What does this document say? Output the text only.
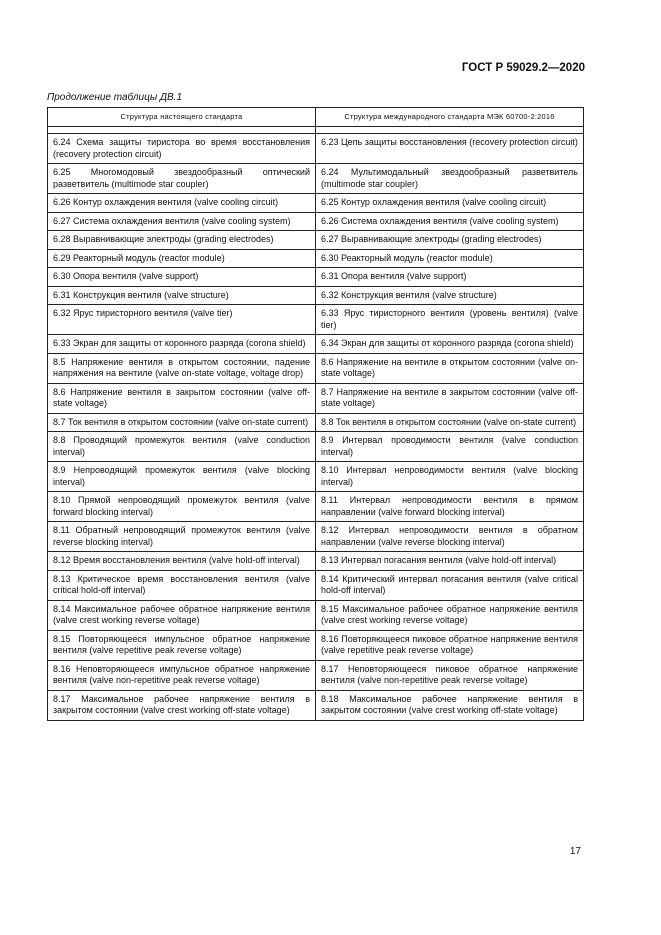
ГОСТ Р 59029.2—2020
Продолжение таблицы ДВ.1
Структура настоящего стандарта	Структура международного стандарта МЭК 60700-2:2016

6.24 Схема защиты тиристора во время восстановления (recovery protection circuit)	6.23 Цепь защиты восстановления (recovery protection circuit)
6.25 Многомодовый звездообразный оптический разветвитель (multimode star coupler)	6.24 Мультимодальный звездообразный разветвитель (multimode star coupler)
6.26 Контур охлаждения вентиля (valve cooling circuit)	6.25 Контур охлаждения вентиля (valve cooling circuit)
6.27 Система охлаждения вентиля (valve cooling system)	6.26 Система охлаждения вентиля (valve cooling system)
6.28 Выравнивающие электроды (grading electrodes)	6.27 Выравнивающие электроды (grading electrodes)
6.29 Реакторный модуль (reactor module)	6.30 Реакторный модуль (reactor module)
6.30 Опора вентиля (valve support)	6.31 Опора вентиля (valve support)
6.31 Конструкция вентиля (valve structure)	6.32 Конструкция вентиля (valve structure)
6.32 Ярус тиристорного вентиля (valve tier)	6.33 Ярус тиристорного вентиля (уровень вентиля) (valve tier)
6.33 Экран для защиты от коронного разряда (corona shield)	6.34 Экран для защиты от коронного разряда (corona shield)
8.5 Напряжение вентиля в открытом состоянии, падение напряжения на вентиле (valve on-state voltage, voltage drop)	8.6 Напряжение на вентиле в открытом состоянии (valve on-state voltage)
8.6 Напряжение вентиля в закрытом состоянии (valve off-state voltage)	8.7 Напряжение на вентиле в закрытом состоянии (valve off-state voltage)
8.7 Ток вентиля в открытом состоянии (valve on-state current)	8.8 Ток вентиля в открытом состоянии (valve on-state current)
8.8 Проводящий промежуток вентиля (valve conduction interval)	8.9 Интервал проводимости вентиля (valve conduction interval)
8.9 Непроводящий промежуток вентиля (valve blocking interval)	8.10 Интервал непроводимости вентиля (valve blocking interval)
8.10 Прямой непроводящий промежуток вентиля (valve forward blocking interval)	8.11 Интервал непроводимости вентиля в прямом направлении (valve forward blocking interval)
8.11 Обратный непроводящий промежуток вентиля (valve reverse blocking interval)	8.12 Интервал непроводимости вентиля в обратном направлении (valve reverse blocking interval)
8.12 Время восстановления вентиля (valve hold-off interval)	8.13 Интервал погасания вентиля (valve hold-off interval)
8.13 Критическое время восстановления вентиля (valve critical hold-off interval)	8.14 Критический интервал погасания вентиля (valve critical hold-off interval)
8.14 Максимальное рабочее обратное напряжение вентиля (valve crest working reverse voltage)	8.15 Максимальное рабочее обратное напряжение вентиля (valve crest working reverse voltage)
8.15 Повторяющееся импульсное обратное напряжение вентиля (valve repetitive peak reverse voltage)	8.16 Повторяющееся пиковое обратное напряжение вентиля (valve repetitive peak reverse voltage)
8.16 Неповторяющееся импульсное обратное напряжение вентиля (valve non-repetitive peak reverse voltage)	8.17 Неповторяющееся пиковое обратное напряжение вентиля (valve non-repetitive peak reverse voltage)
8.17 Максимальное рабочее напряжение вентиля в закрытом состоянии (valve crest working off-state voltage)	8.18 Максимальное рабочее напряжение вентиля в закрытом состоянии (valve crest working off-state voltage)
17
